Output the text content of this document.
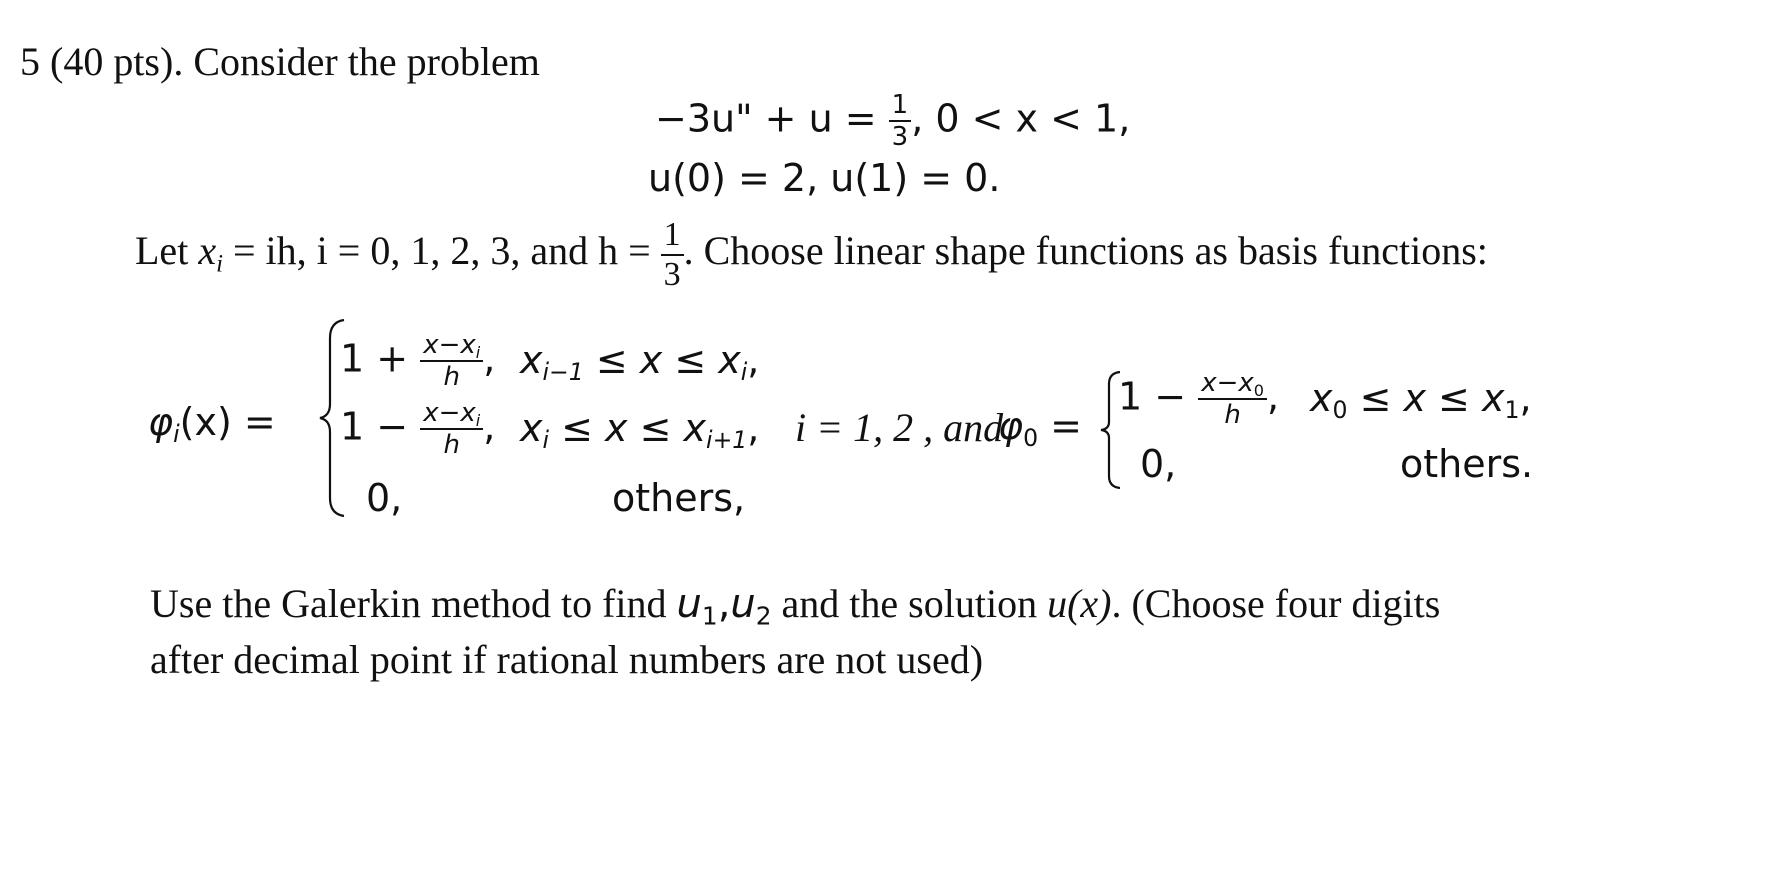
5 (40 pts). Consider the problem
−3u" + $u = \frac{1}{3}$ , 0 < x < 1,
u(0) = 2, u(1) = 0.
Let $x_i$ = ih, i = 0, 1, 2, 3, and $h = \frac{1}{3}$ . Choose linear shape functions as basis functions:
$\varphi_i(x)$ =
$1 + \frac{x-x_i}{h}$ , $x_{i-1} \le x \le x_i$,
$1 - \frac{x-x_i}{h}$ , $x_i \le x \le x_{i+1}$,
0,	others,
i = 1, 2 , and
$\varphi_0$ =
$1 - \frac{x-x_0}{h}$ , $x_0 \le x \le x_1$,
0,	others.
Use the Galerkin method to find $u_1,u_2$ and the solution u(x). (Choose four digits
after decimal point if rational numbers are not used)
